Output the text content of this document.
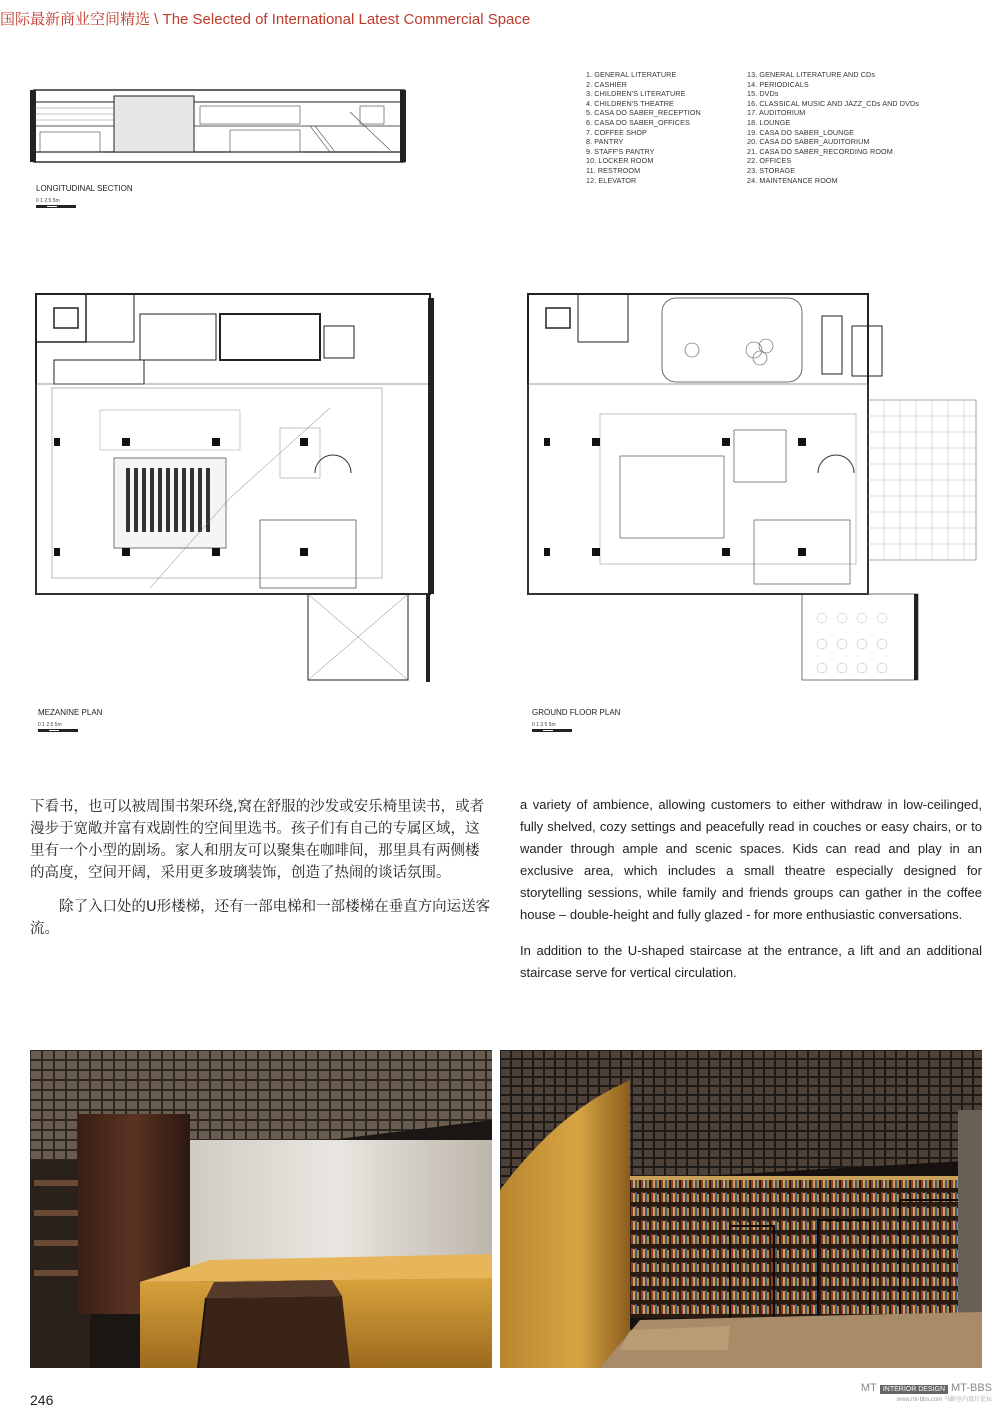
国际最新商业空间精选 \ The Selected of International Latest Commercial Space
LONGITUDINAL SECTION
0 1 2.5 5m
1. GENERAL LITERATURE
2. CASHIER
3. CHILDREN'S LITERATURE
4. CHILDREN'S THEATRE
5. CASA DO SABER_RECEPTION
6. CASA DO SABER_OFFICES
7. COFFEE SHOP
8. PANTRY
9. STAFF'S PANTRY
10. LOCKER ROOM
11. RESTROOM
12. ELEVATOR
13. GENERAL LITERATURE AND CDs
14. PERIODICALS
15. DVDs
16. CLASSICAL MUSIC AND JAZZ_CDs AND DVDs
17. AUDITORIUM
18. LOUNGE
19. CASA DO SABER_LOUNGE
20. CASA DO SABER_AUDITORIUM
21. CASA DO SABER_RECORDING ROOM
22. OFFICES
23. STORAGE
24. MAINTENANCE ROOM
MEZANINE PLAN
0 1 2.5 5m
GROUND FLOOR PLAN
0 1 2.5 5m

下看书，也可以被周围书架环绕,窝在舒服的沙发或安乐椅里读书，或者漫步于宽敞并富有戏剧性的空间里选书。孩子们有自己的专属区域，这里有一个小型的剧场。家人和朋友可以聚集在咖啡间，那里具有两侧楼的高度，空间开阔，采用更多玻璃装饰，创造了热闹的谈话氛围。

除了入口处的U形楼梯，还有一部电梯和一部楼梯在垂直方向运送客流。

a variety of ambience, allowing customers to either withdraw in low-ceilinged, fully shelved, cozy settings and peacefully read in couches or easy chairs, or to wander through ample and scenic spaces. Kids can read and play in an exclusive area, which includes a small theatre especially designed for storytelling sessions, while family and friends groups can gather in the coffee house – double-height and fully glazed - for more enthusiastic conversations.

In addition to the U-shaped staircase at the entrance, a lift and an additional staircase serve for vertical circulation.

246
MT INTERIOR DESIGN MT-BBS
www.mt-bbs.com 马蹄室内设计论坛
